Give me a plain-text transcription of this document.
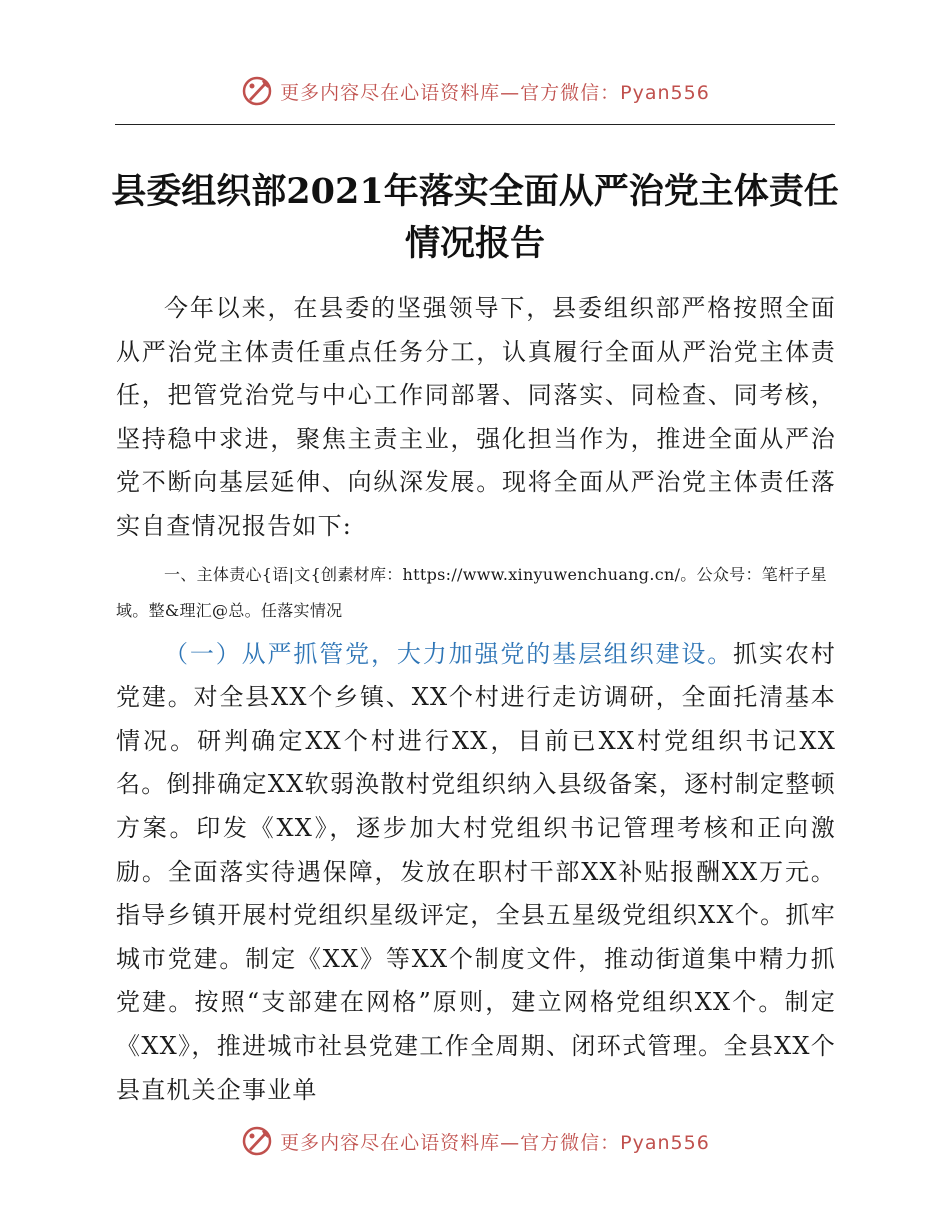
更多内容尽在心语资料库—官方微信：Pyan556
县委组织部2021年落实全面从严治党主体责任
情况报告

今年以来，在县委的坚强领导下，县委组织部严格按照全面从严治党主体责任重点任务分工，认真履行全面从严治党主体责任，把管党治党与中心工作同部署、同落实、同检查、同考核，坚持稳中求进，聚焦主责主业，强化担当作为，推进全面从严治党不断向基层延伸、向纵深发展。现将全面从严治党主体责任落实自查情况报告如下:

一、主体责心{语|文{创素材库：https://www.xinyuwenchuang.cn/。公众号：笔杆子星域。整&理汇@总。任落实情况

（一）从严抓管党，大力加强党的基层组织建设。抓实农村党建。对全县XX个乡镇、XX个村进行走访调研，全面托清基本情况。研判确定XX个村进行XX，目前已XX村党组织书记XX名。倒排确定XX软弱涣散村党组织纳入县级备案，逐村制定整顿方案。印发《XX》，逐步加大村党组织书记管理考核和正向激励。全面落实待遇保障，发放在职村干部XX补贴报酬XX万元。指导乡镇开展村党组织星级评定，全县五星级党组织XX个。抓牢城市党建。制定《XX》等XX个制度文件，推动街道集中精力抓党建。按照“支部建在网格”原则，建立网格党组织XX个。制定《XX》，推进城市社县党建工作全周期、闭环式管理。全县XX个县直机关企事业单

更多内容尽在心语资料库—官方微信：Pyan556
